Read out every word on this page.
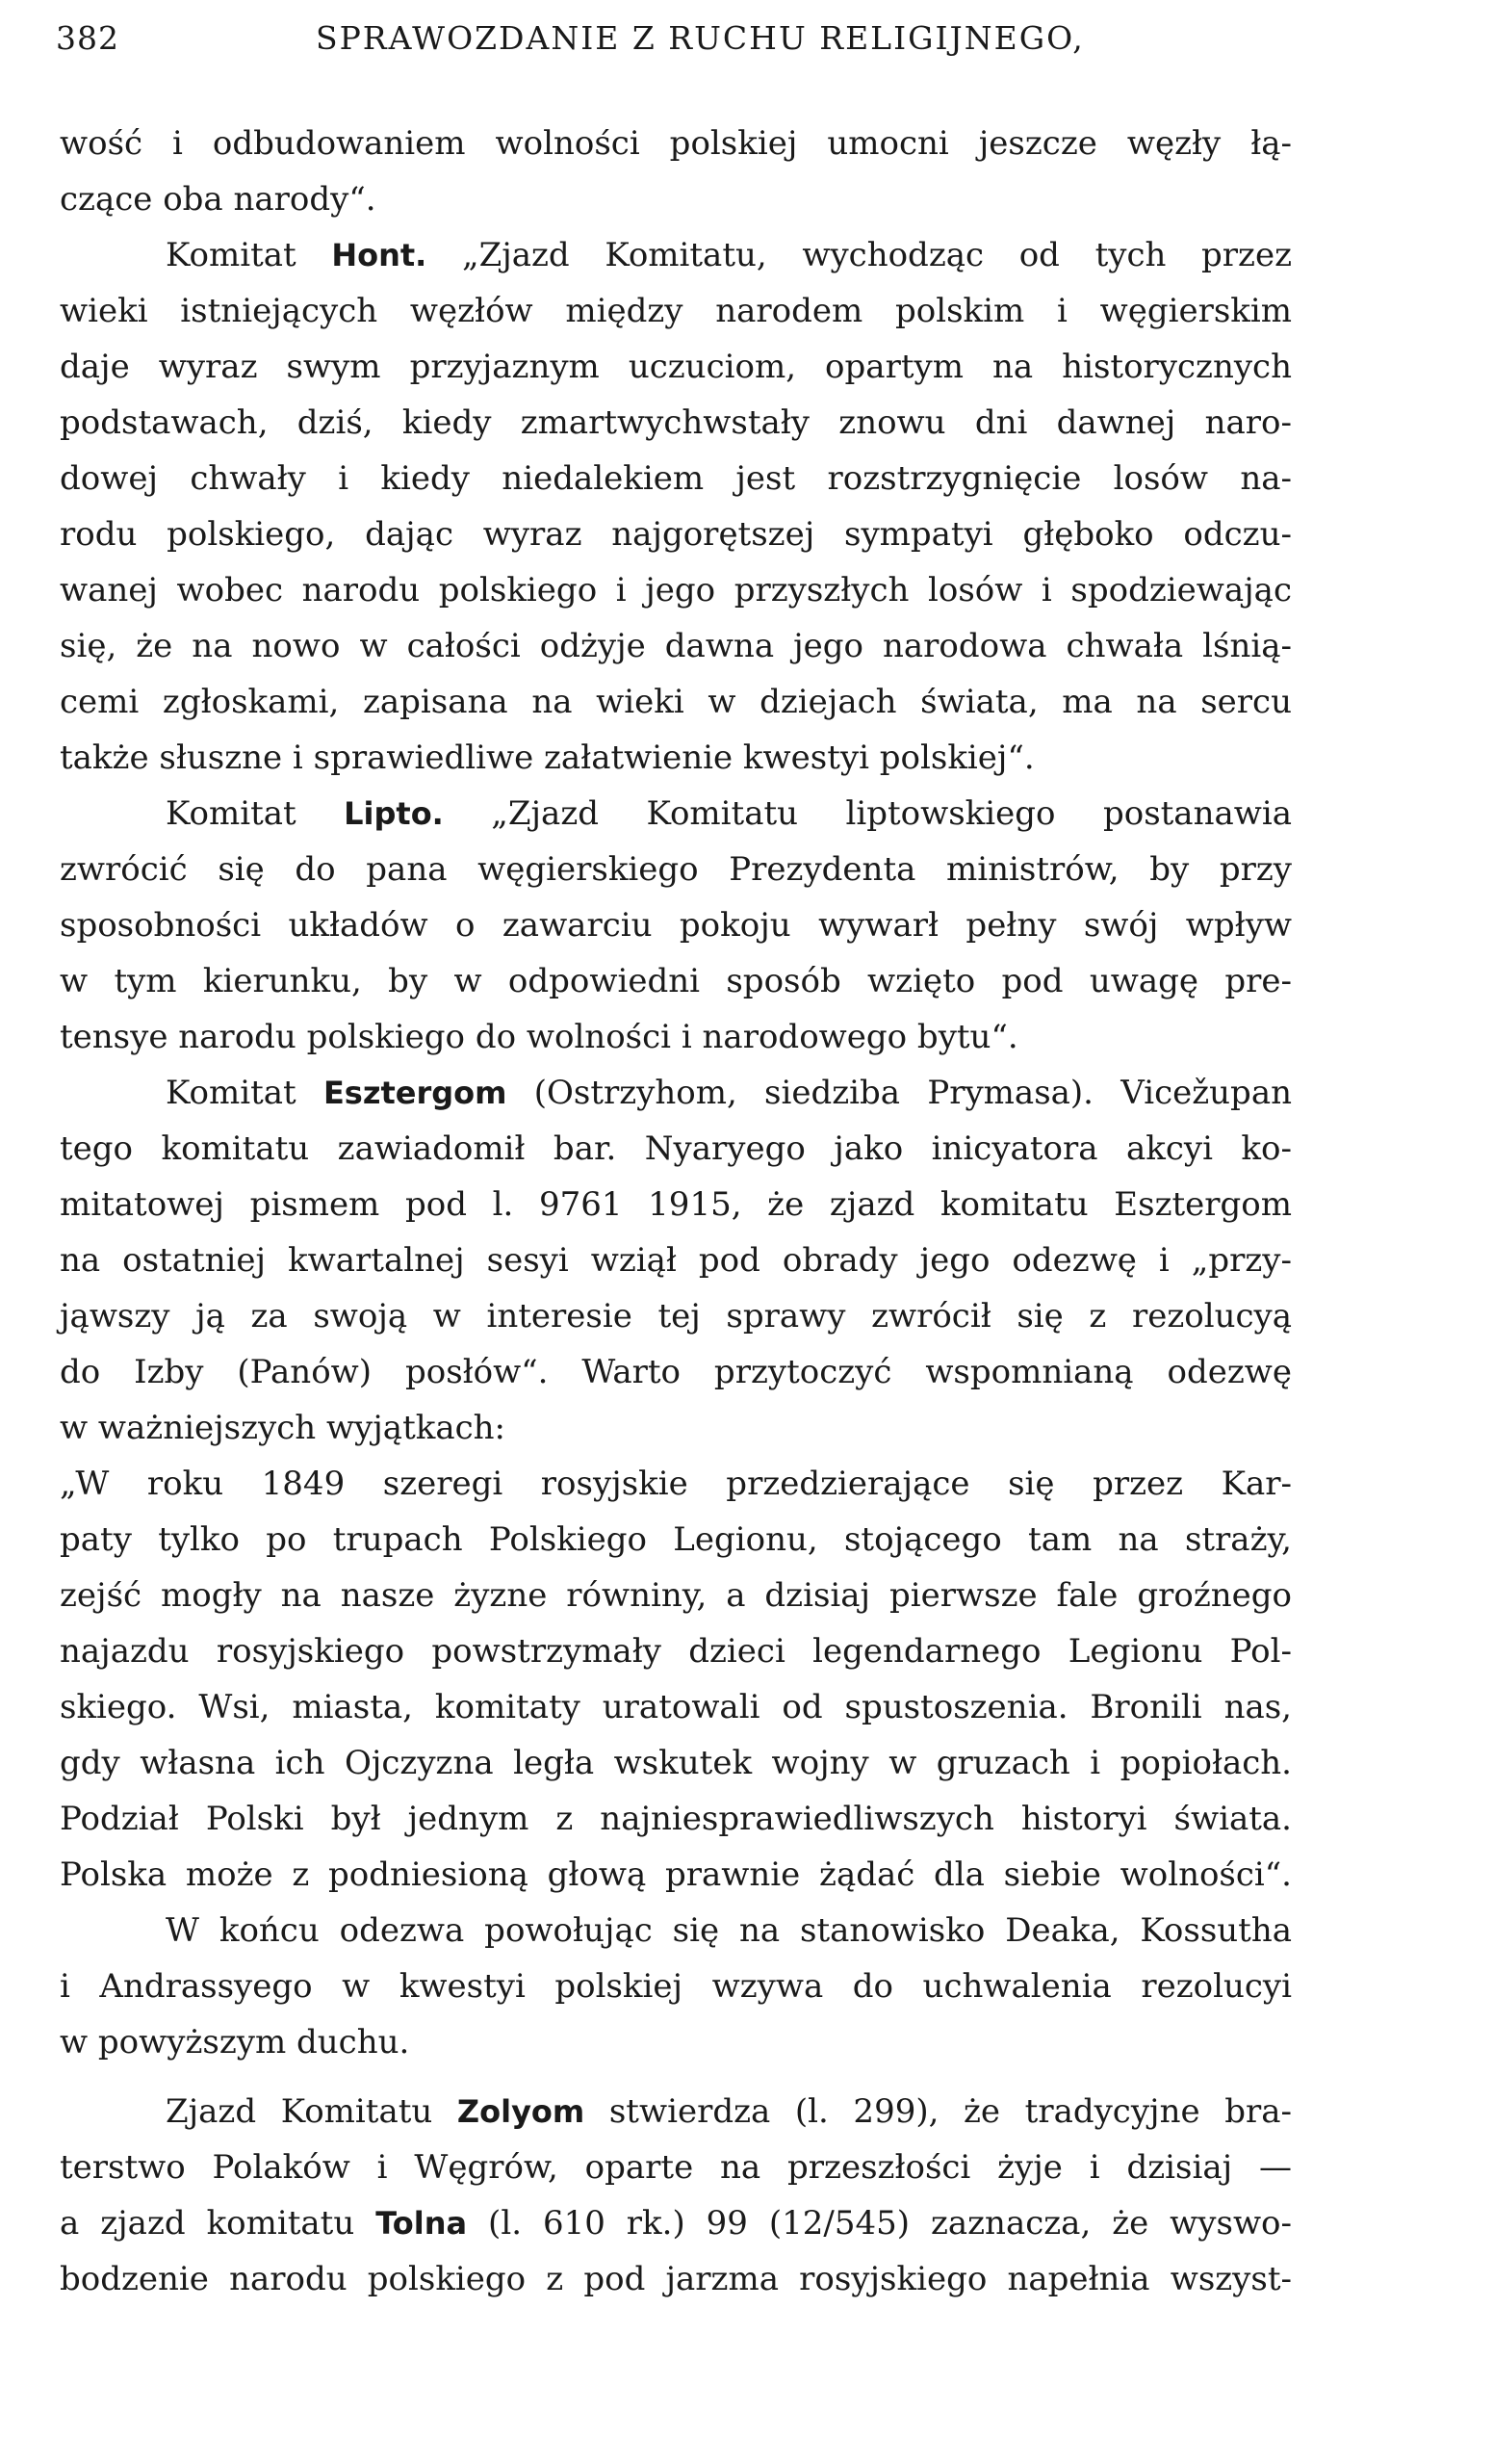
382	SPRAWOZDANIE Z RUCHU RELIGIJNEGO,
wość i odbudowaniem wolności polskiej umocni jeszcze węzły łą-
czące oba narody“.
Komitat Hont. „Zjazd Komitatu, wychodząc od tych przez
wieki istniejących węzłów między narodem polskim i węgierskim
daje wyraz swym przyjaznym uczuciom, opartym na historycznych
podstawach, dziś, kiedy zmartwychwstały znowu dni dawnej naro-
dowej chwały i kiedy niedalekiem jest rozstrzygnięcie losów na-
rodu polskiego, dając wyraz najgorętszej sympatyi głęboko odczu-
wanej wobec narodu polskiego i jego przyszłych losów i spodziewając
się, że na nowo w całości odżyje dawna jego narodowa chwała lśnią-
cemi zgłoskami, zapisana na wieki w dziejach świata, ma na sercu
także słuszne i sprawiedliwe załatwienie kwestyi polskiej“.
Komitat Lipto. „Zjazd Komitatu liptowskiego postanawia
zwrócić się do pana węgierskiego Prezydenta ministrów, by przy
sposobności układów o zawarciu pokoju wywarł pełny swój wpływ
w tym kierunku, by w odpowiedni sposób wzięto pod uwagę pre-
tensye narodu polskiego do wolności i narodowego bytu“.
Komitat Esztergom (Ostrzyhom, siedziba Prymasa). Vicežupan
tego komitatu zawiadomił bar. Nyaryego jako inicyatora akcyi ko-
mitatowej pismem pod l. 9761 1915, że zjazd komitatu Esztergom
na ostatniej kwartalnej sesyi wziął pod obrady jego odezwę i „przy-
jąwszy ją za swoją w interesie tej sprawy zwrócił się z rezolucyą
do Izby (Panów) posłów“. Warto przytoczyć wspomnianą odezwę
w ważniejszych wyjątkach:
„W roku 1849 szeregi rosyjskie przedzierające się przez Kar-
paty tylko po trupach Polskiego Legionu, stojącego tam na straży,
zejść mogły na nasze żyzne równiny, a dzisiaj pierwsze fale groźnego
najazdu rosyjskiego powstrzymały dzieci legendarnego Legionu Pol-
skiego. Wsi, miasta, komitaty uratowali od spustoszenia. Bronili nas,
gdy własna ich Ojczyzna legła wskutek wojny w gruzach i popiołach.
Podział Polski był jednym z najniesprawiedliwszych historyi świata.
Polska może z podniesioną głową prawnie żądać dla siebie wolności“.
W końcu odezwa powołując się na stanowisko Deaka, Kossutha
i Andrassyego w kwestyi polskiej wzywa do uchwalenia rezolucyi
w powyższym duchu.
Zjazd Komitatu Zolyom stwierdza (l. 299), że tradycyjne bra-
terstwo Polaków i Węgrów, oparte na przeszłości żyje i dzisiaj —
a zjazd komitatu Tolna (l. 610 rk.) 99 (12/545) zaznacza, że wyswo-
bodzenie narodu polskiego z pod jarzma rosyjskiego napełnia wszyst-
